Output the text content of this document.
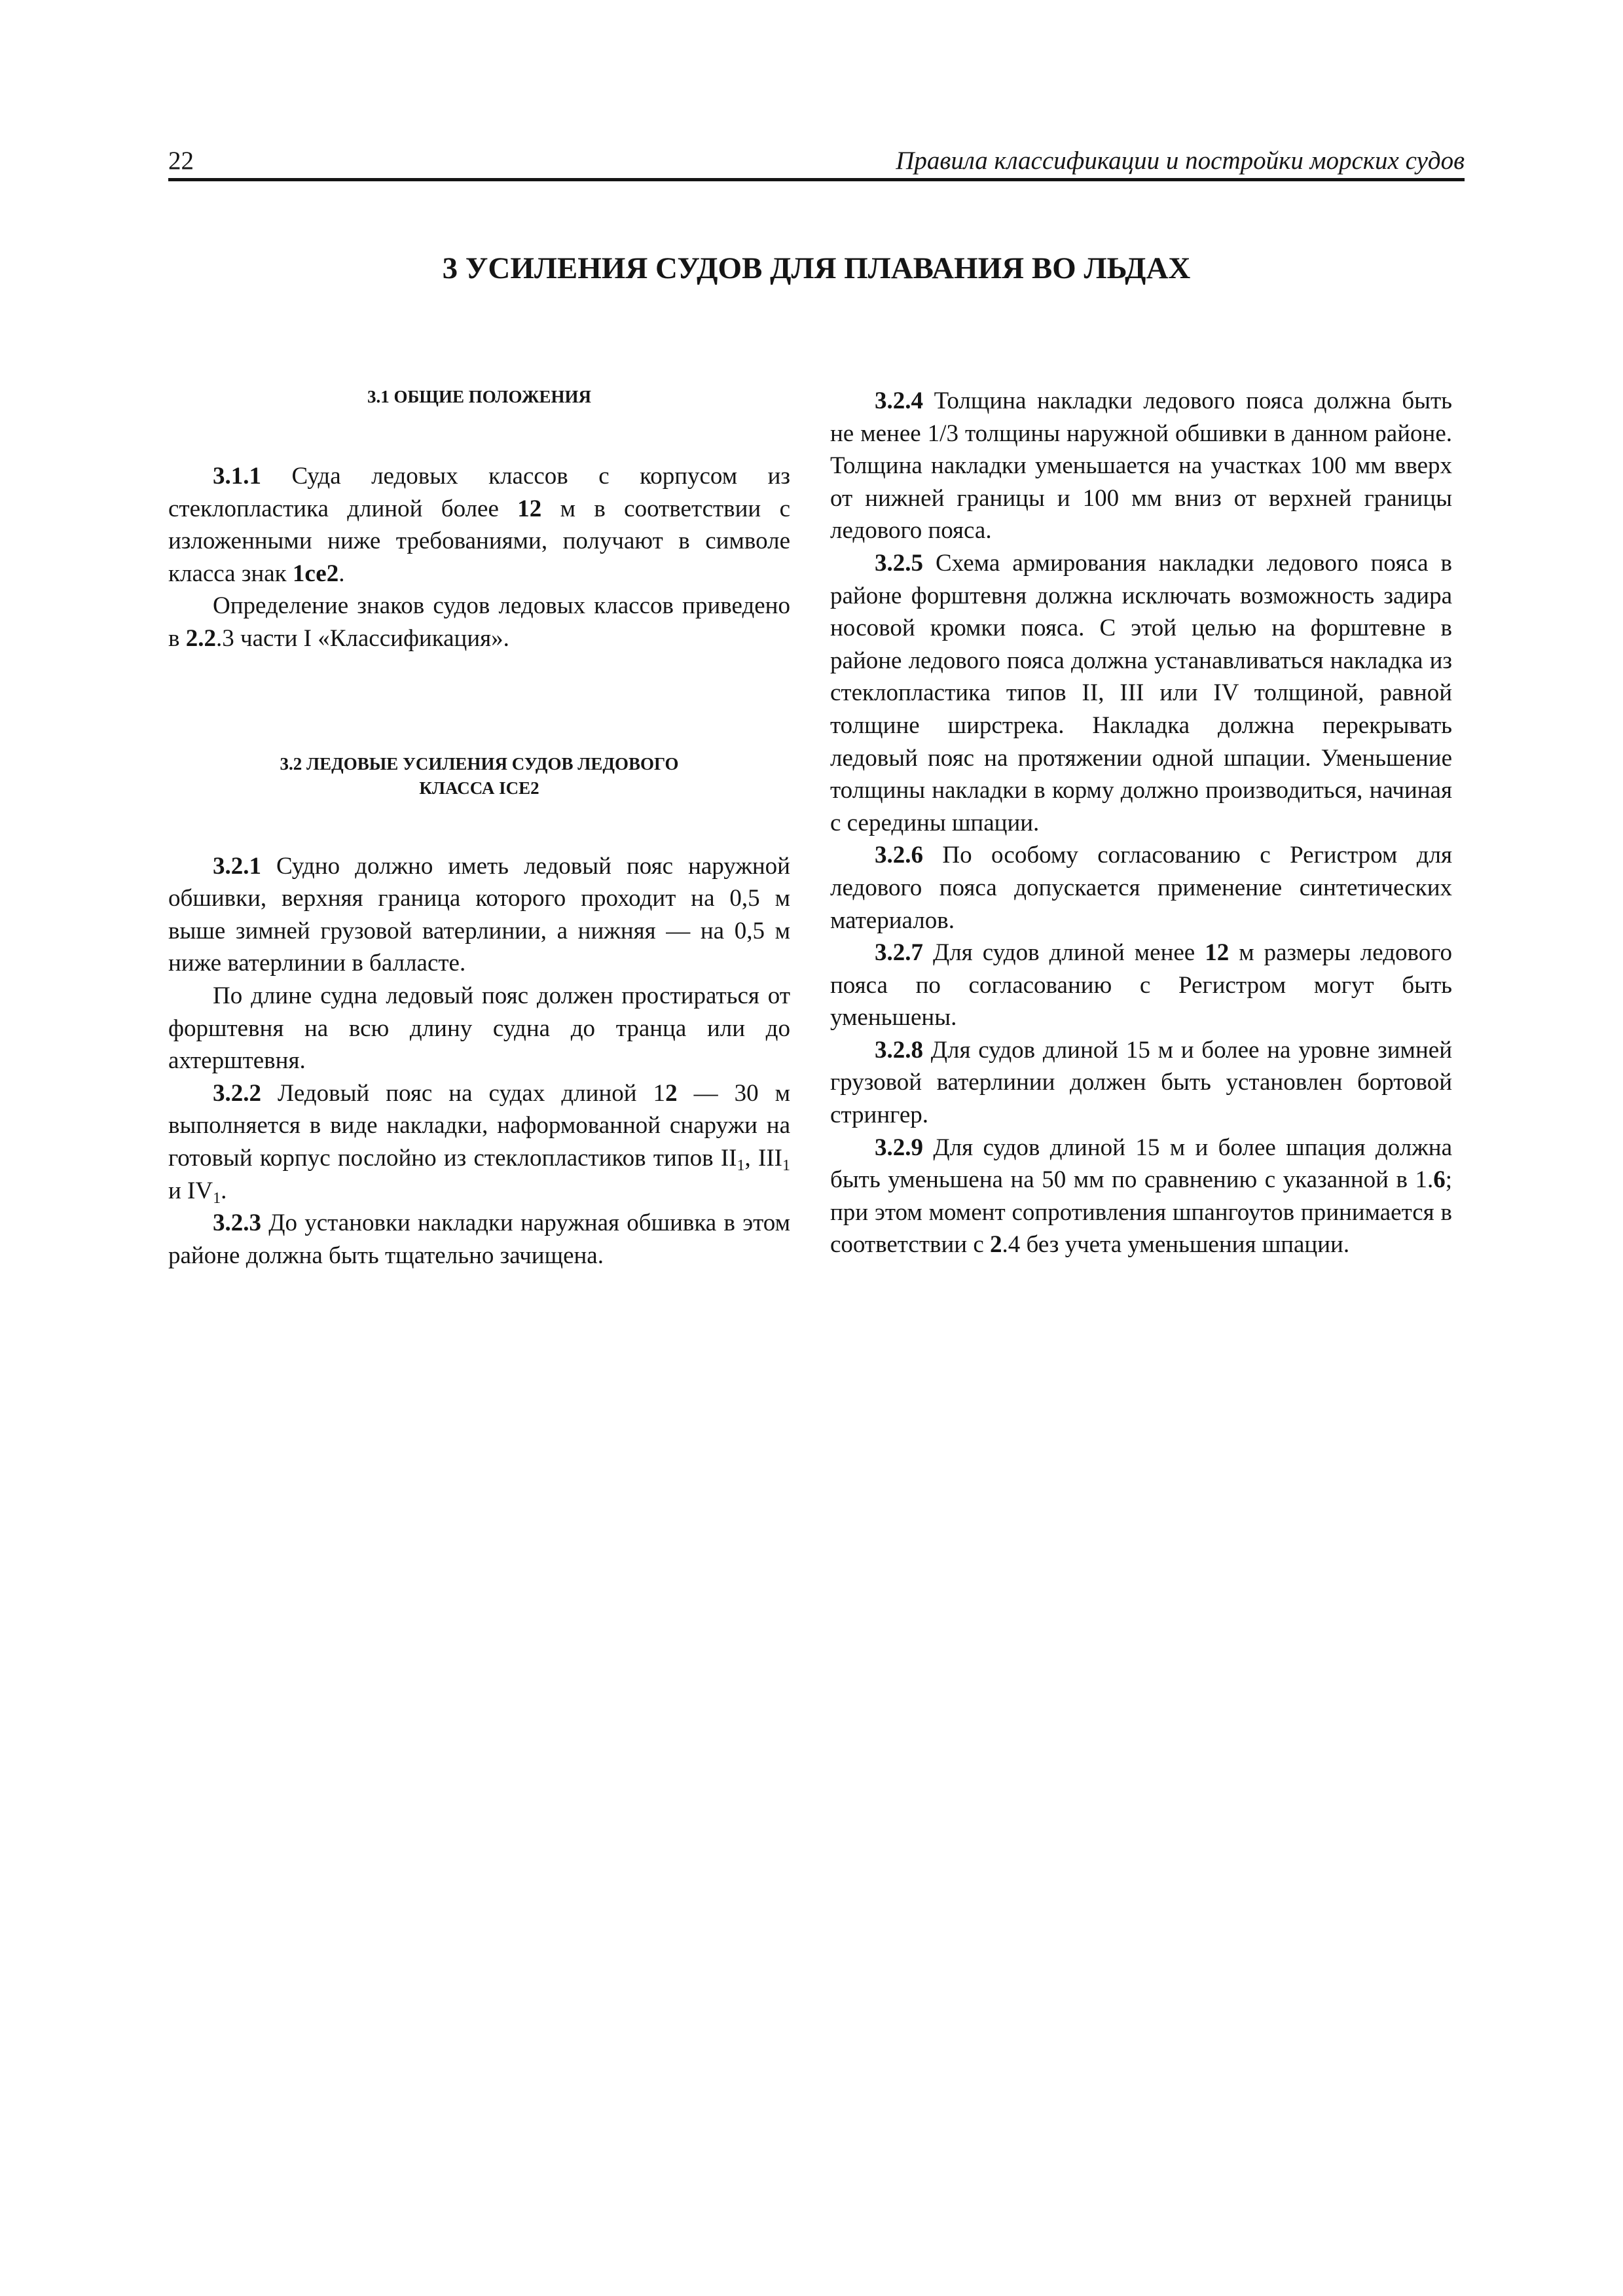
22	Правила классификации и постройки морских судов
3 УСИЛЕНИЯ СУДОВ ДЛЯ ПЛАВАНИЯ ВО ЛЬДАХ
3.1 ОБЩИЕ ПОЛОЖЕНИЯ

3.1.1 Суда ледовых классов с корпусом из стеклопластика длиной более 12 м в соответствии с изложенными ниже требованиями, получают в символе класса знак 1се2.

Определение знаков судов ледовых классов приведено в 2.2.3 части I «Классификация».

3.2 ЛЕДОВЫЕ УСИЛЕНИЯ СУДОВ ЛЕДОВОГО
КЛАССА ICE2

3.2.1 Судно должно иметь ледовый пояс наружной обшивки, верхняя граница которого проходит на 0,5 м выше зимней грузовой ватерлинии, а нижняя — на 0,5 м ниже ватерлинии в балласте.

По длине судна ледовый пояс должен простираться от форштевня на всю длину судна до транца или до ахтерштевня.

3.2.2 Ледовый пояс на судах длиной 12 — 30 м выполняется в виде накладки, наформованной снаружи на готовый корпус послойно из стеклопластиков типов $II_1$, $III_1$ и $IV_1$.

3.2.3 До установки накладки наружная обшивка в этом районе должна быть тщательно зачищена.

3.2.4 Толщина накладки ледового пояса должна быть не менее 1/3 толщины наружной обшивки в данном районе. Толщина накладки уменьшается на участках 100 мм вверх от нижней границы и 100 мм вниз от верхней границы ледового пояса.

3.2.5 Схема армирования накладки ледового пояса в районе форштевня должна исключать возможность задира носовой кромки пояса. С этой целью на форштевне в районе ледового пояса должна устанавливаться накладка из стеклопластика типов II, III или IV толщиной, равной толщине ширстрека. Накладка должна перекрывать ледовый пояс на протяжении одной шпации. Уменьшение толщины накладки в корму должно производиться, начиная с середины шпации.

3.2.6 По особому согласованию с Регистром для ледового пояса допускается применение синтетических материалов.

3.2.7 Для судов длиной менее 12 м размеры ледового пояса по согласованию с Регистром могут быть уменьшены.

3.2.8 Для судов длиной 15 м и более на уровне зимней грузовой ватерлинии должен быть установлен бортовой стрингер.

3.2.9 Для судов длиной 15 м и более шпация должна быть уменьшена на 50 мм по сравнению с указанной в 1.6; при этом момент сопротивления шпангоутов принимается в соответствии с 2.4 без учета уменьшения шпации.
